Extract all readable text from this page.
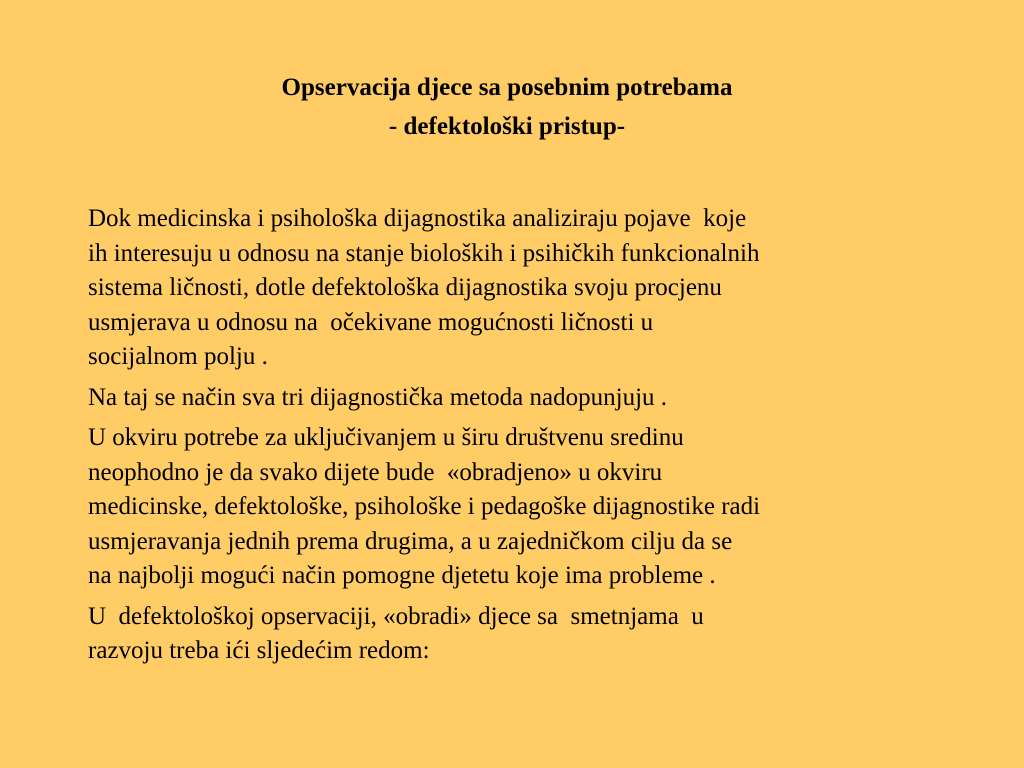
Opservacija djece sa posebnim potrebama
- defektološki pristup-

Dok medicinska i psihološka dijagnostika analiziraju pojave  koje
ih interesuju u odnosu na stanje bioloških i psihičkih funkcionalnih
sistema ličnosti, dotle defektološka dijagnostika svoju procjenu
usmjerava u odnosu na  očekivane mogućnosti ličnosti u
socijalnom polju .

Na taj se način sva tri dijagnostička metoda nadopunjuju .

U okviru potrebe za uključivanjem u širu društvenu sredinu
neophodno je da svako dijete bude  «obradjeno» u okviru
medicinske, defektološke, psihološke i pedagoške dijagnostike radi
usmjeravanja jednih prema drugima, a u zajedničkom cilju da se
na najbolji mogući način pomogne djetetu koje ima probleme .

U  defektološkoj opservaciji, «obradi» djece sa  smetnjama  u
razvoju treba ići sljedećim redom:
